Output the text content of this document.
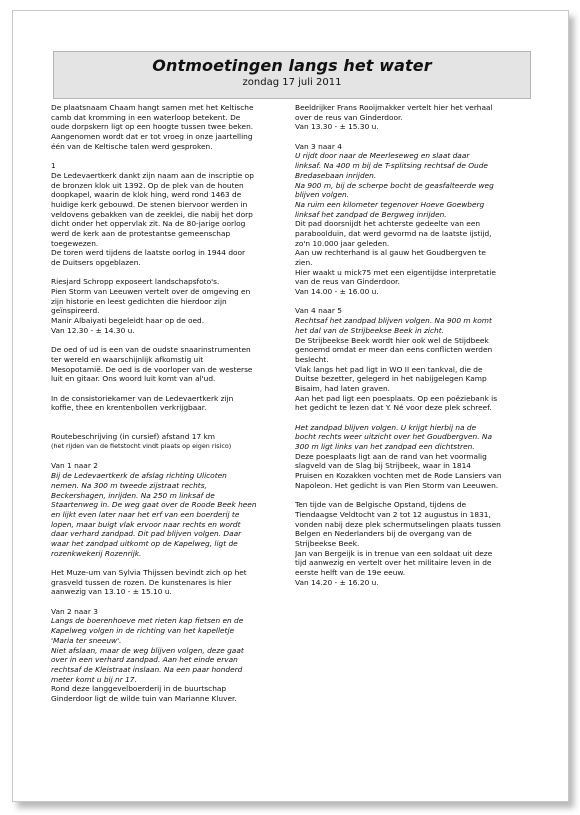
Ontmoetingen langs het water
zondag 17 juli 2011
De plaatsnaam Chaam hangt samen met het Keltische
camb dat kromming in een waterloop betekent. De
oude dorpskern ligt op een hoogte tussen twee beken.
Aangenomen wordt dat er tot vroeg in onze jaartelling
één van de Keltische talen werd gesproken.
1
De Ledevaertkerk dankt zijn naam aan de inscriptie op
de bronzen klok uit 1392. Op de plek van de houten
doopkapel, waarin de klok hing, werd rond 1463 de
huidige kerk gebouwd. De stenen biervoor werden in
veldovens gebakken van de zeeklei, die nabij het dorp
dicht onder het oppervlak zit. Na de 80-jarige oorlog
werd de kerk aan de protestantse gemeenschap
toegewezen.
De toren werd tijdens de laatste oorlog in 1944 door
de Duitsers opgeblazen.
Riesjard Schropp exposeert landschapsfoto's.
Pien Storm van Leeuwen vertelt over de omgeving en
zijn historie en leest gedichten die hierdoor zijn
geïnspireerd.
Manir Albaiyati begeleidt haar op de oed.
Van 12.30 - ± 14.30 u.
De oed of ud is een van de oudste snaarinstrumenten
ter wereld en waarschijnlijk afkomstig uit
Mesopotamië. De oed is de voorloper van de westerse
luit en gitaar. Ons woord luit komt van al'ud.
In de consistoriekamer van de Ledevaertkerk zijn
koffie, thee en krentenbollen verkrijgbaar.
Routebeschrijving (in cursief) afstand 17 km
(het rijden van de fietstocht vindt plaats op eigen risico)
Van 1 naar 2
Bij de Ledevaertkerk de afslag richting Ulicoten
nemen. Na 300 m tweede zijstraat rechts,
Beckershagen, inrijden. Na 250 m linksaf de
Staartenweg in. De weg gaat over de Roode Beek heen
en lijkt even later naar het erf van een boerderij te
lopen, maar buigt vlak ervoor naar rechts en wordt
daar verhard zandpad. Dit pad blijven volgen. Daar
waar het zandpad uitkomt op de Kapelweg, ligt de
rozenkwekerij Rozenrijk.
Het Muze-um van Sylvia Thijssen bevindt zich op het
grasveld tussen de rozen. De kunstenares is hier
aanwezig van 13.10 - ± 15.10 u.
Van 2 naar 3
Langs de boerenhoeve met rieten kap fietsen en de
Kapelweg volgen in de richting van het kapelletje
'Maria ter sneeuw'.
Niet afslaan, maar de weg blijven volgen, deze gaat
over in een verhard zandpad. Aan het einde ervan
rechtsaf de Kleistraat inslaan. Na een paar honderd
meter komt u bij nr 17.
Rond deze langgevelboerderij in de buurtschap
Ginderdoor ligt de wilde tuin van Marianne Kluver.
Beeldrijker Frans Rooijmakker vertelt hier het verhaal
over de reus van Ginderdoor.
Van 13.30 - ± 15.30 u.
Van 3 naar 4
U rijdt door naar de Meerleseweg en slaat daar
linksaf. Na 400 m bij de T-splitsing rechtsaf de Oude
Bredasebaan inrijden.
Na 900 m, bij de scherpe bocht de geasfalteerde weg
blijven volgen.
Na ruim een kilometer tegenover Hoeve Goewberg
linksaf het zandpad de Bergweg inrijden.
Dit pad doorsnijdt het achterste gedeelte van een
paraboolduin, dat werd gevormd na de laatste ijstijd,
zo'n 10.000 jaar geleden.
Aan uw rechterhand is al gauw het Goudbergven te
zien.
Hier waakt u mick75 met een eigentijdse interpretatie
van de reus van Ginderdoor.
Van 14.00 - ± 16.00 u.
Van 4 naar 5
Rechtsaf het zandpad blijven volgen. Na 900 m komt
het dal van de Strijbeekse Beek in zicht.
De Strijbeekse Beek wordt hier ook wel de Stijdbeek
genoemd omdat er meer dan eens conflicten werden
beslecht.
Vlak langs het pad ligt in WO II een tankval, die de
Duitse bezetter, gelegerd in het nabijgelegen Kamp
Bisaim, had laten graven.
Aan het pad ligt een poesplaats. Op een poëziebank is
het gedicht te lezen dat Y. Né voor deze plek schreef.
Het zandpad blijven volgen. U krijgt hierbij na de
bocht rechts weer uitzicht over het Goudbergven. Na
300 m ligt links van het zandpad een dichtstren.
Deze poesplaats ligt aan de rand van het voormalig
slagveld van de Slag bij Strijbeek, waar in 1814
Pruisen en Kozakken vochten met de Rode Lansiers van
Napoleon. Het gedicht is van Pien Storm van Leeuwen.
Ten tijde van de Belgische Opstand, tijdens de
Tiendaagse Veldtocht van 2 tot 12 augustus in 1831,
vonden nabij deze plek schermutselingen plaats tussen
Belgen en Nederlanders bij de overgang van de
Strijbeekse Beek.
Jan van Bergeijk is in trenue van een soldaat uit deze
tijd aanwezig en vertelt over het militaire leven in de
eerste helft van de 19e eeuw.
Van 14.20 - ± 16.20 u.
